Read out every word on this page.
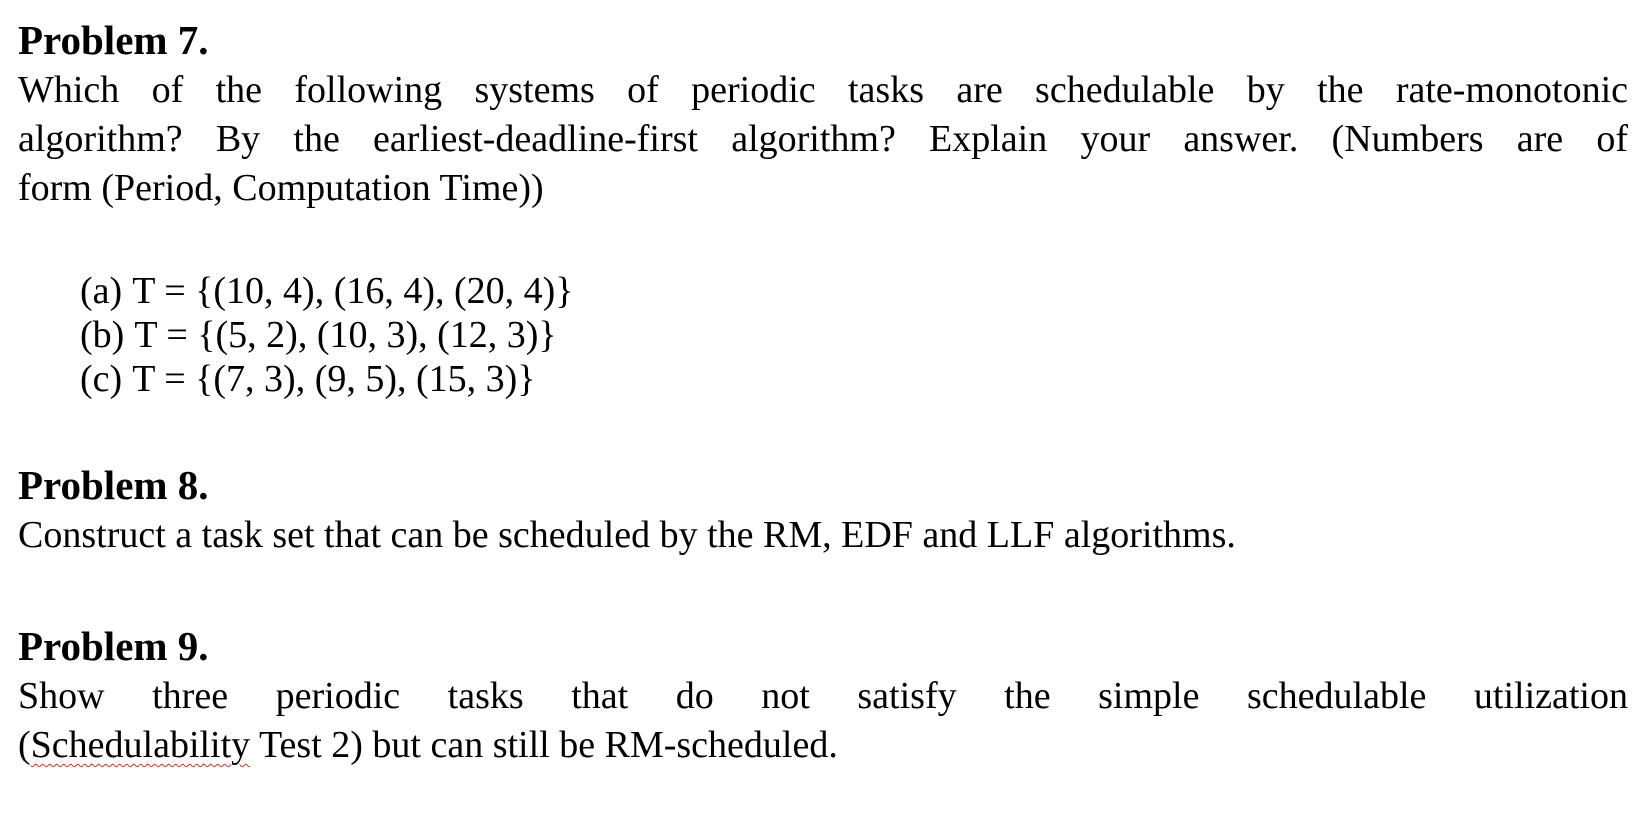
Problem 7.

Which of the following systems of periodic tasks are schedulable by the rate-monotonic

algorithm? By the earliest-deadline-first algorithm? Explain your answer. (Numbers are of

form (Period, Computation Time))

(a) T = {(10, 4), (16, 4), (20, 4)}

(b) T = {(5, 2), (10, 3), (12, 3)}

(c) T = {(7, 3), (9, 5), (15, 3)}

Problem 8.

Construct a task set that can be scheduled by the RM, EDF and LLF algorithms.

Problem 9.

Show three periodic tasks that do not satisfy the simple schedulable utilization

(Schedulability Test 2) but can still be RM-scheduled.
